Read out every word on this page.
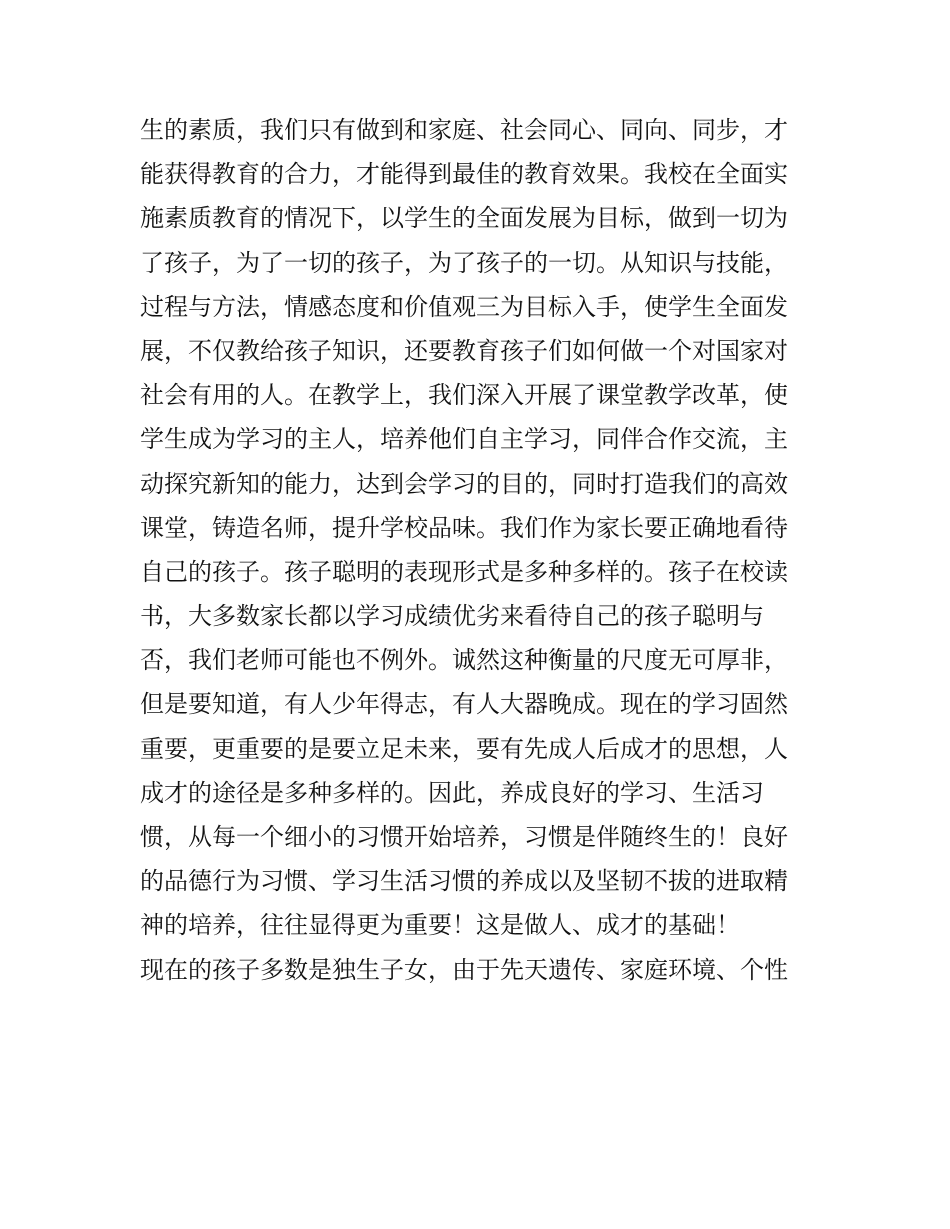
生的素质，我们只有做到和家庭、社会同心、同向、同步，才

能获得教育的合力，才能得到最佳的教育效果。我校在全面实

施素质教育的情况下，以学生的全面发展为目标，做到一切为

了孩子，为了一切的孩子，为了孩子的一切。从知识与技能，

过程与方法，情感态度和价值观三为目标入手，使学生全面发

展，不仅教给孩子知识，还要教育孩子们如何做一个对国家对

社会有用的人。在教学上，我们深入开展了课堂教学改革，使

学生成为学习的主人，培养他们自主学习，同伴合作交流，主

动探究新知的能力，达到会学习的目的，同时打造我们的高效

课堂，铸造名师，提升学校品味。我们作为家长要正确地看待

自己的孩子。孩子聪明的表现形式是多种多样的。孩子在校读

书，大多数家长都以学习成绩优劣来看待自己的孩子聪明与

否，我们老师可能也不例外。诚然这种衡量的尺度无可厚非，

但是要知道，有人少年得志，有人大器晚成。现在的学习固然

重要，更重要的是要立足未来，要有先成人后成才的思想，人

成才的途径是多种多样的。因此，养成良好的学习、生活习

惯，从每一个细小的习惯开始培养，习惯是伴随终生的！良好

的品德行为习惯、学习生活习惯的养成以及坚韧不拔的进取精

神的培养，往往显得更为重要！这是做人、成才的基础！

现在的孩子多数是独生子女，由于先天遗传、家庭环境、个性
